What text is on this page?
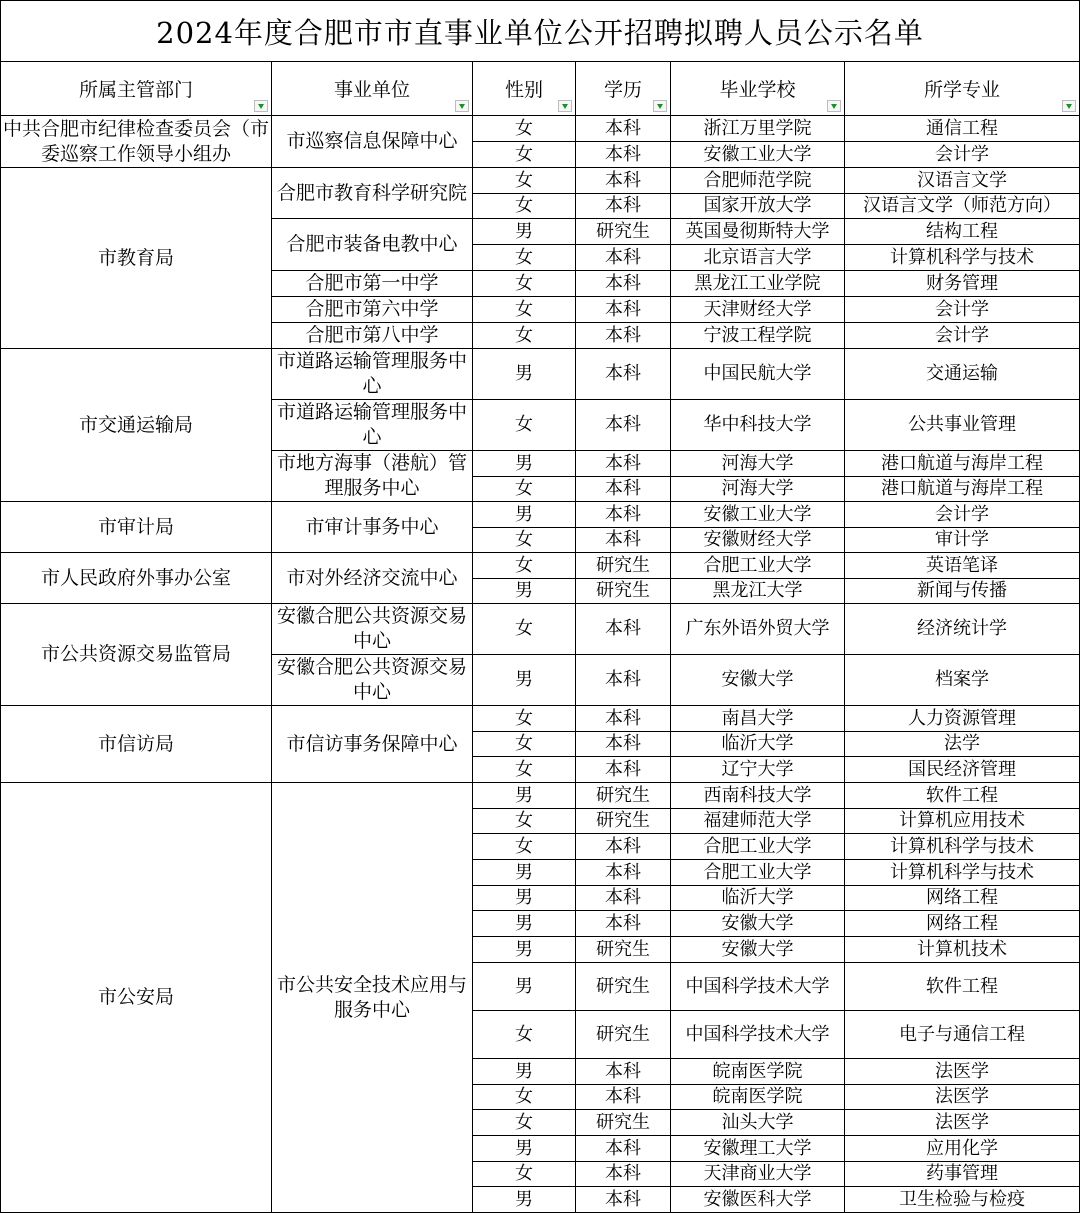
2024年度合肥市市直事业单位公开招聘拟聘人员公示名单					
所属主管部门	事业单位	性别	学历	毕业学校	所学专业

中共合肥市纪律检查委员会（市委巡察工作领导小组办	市巡察信息保障中心	女	本科	浙江万里学院	通信工程
		女	本科	安徽工业大学	会计学
市教育局	合肥市教育科学研究院	女	本科	合肥师范学院	汉语言文学
		女	本科	国家开放大学	汉语言文学（师范方向）
	合肥市装备电教中心	男	研究生	英国曼彻斯特大学	结构工程
		女	本科	北京语言大学	计算机科学与技术
	合肥市第一中学	女	本科	黑龙江工业学院	财务管理
	合肥市第六中学	女	本科	天津财经大学	会计学
	合肥市第八中学	女	本科	宁波工程学院	会计学
市交通运输局	市道路运输管理服务中心	男	本科	中国民航大学	交通运输
	市道路运输管理服务中心	女	本科	华中科技大学	公共事业管理
	市地方海事（港航）管理服务中心	男	本科	河海大学	港口航道与海岸工程
		女	本科	河海大学	港口航道与海岸工程
市审计局	市审计事务中心	男	本科	安徽工业大学	会计学
		女	本科	安徽财经大学	审计学
市人民政府外事办公室	市对外经济交流中心	女	研究生	合肥工业大学	英语笔译
		男	研究生	黑龙江大学	新闻与传播
市公共资源交易监管局	安徽合肥公共资源交易中心	女	本科	广东外语外贸大学	经济统计学
	安徽合肥公共资源交易中心	男	本科	安徽大学	档案学
市信访局	市信访事务保障中心	女	本科	南昌大学	人力资源管理
		女	本科	临沂大学	法学
		女	本科	辽宁大学	国民经济管理
市公安局	市公共安全技术应用与服务中心	男	研究生	西南科技大学	软件工程
		女	研究生	福建师范大学	计算机应用技术
		女	本科	合肥工业大学	计算机科学与技术
		男	本科	合肥工业大学	计算机科学与技术
		男	本科	临沂大学	网络工程
		男	本科	安徽大学	网络工程
		男	研究生	安徽大学	计算机技术
		男	研究生	中国科学技术大学	软件工程
		女	研究生	中国科学技术大学	电子与通信工程
		男	本科	皖南医学院	法医学
		女	本科	皖南医学院	法医学
		女	研究生	汕头大学	法医学
		男	本科	安徽理工大学	应用化学
		女	本科	天津商业大学	药事管理
		男	本科	安徽医科大学	卫生检验与检疫
